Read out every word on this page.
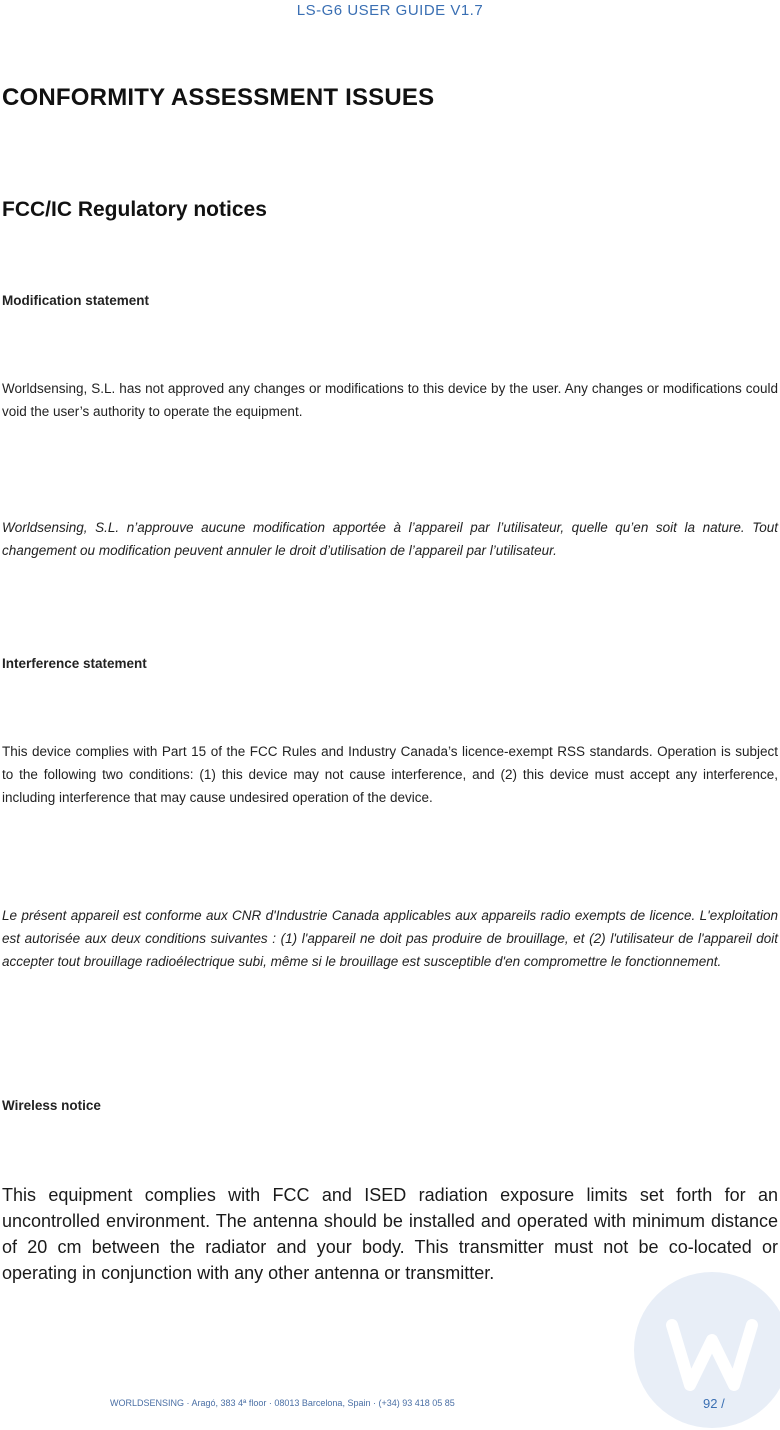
LS-G6 USER GUIDE V1.7
CONFORMITY ASSESSMENT ISSUES
FCC/IC Regulatory notices
Modification statement

Worldsensing, S.L. has not approved any changes or modifications to this device by the user. Any changes or modifications could void the user’s authority to operate the equipment.

Worldsensing, S.L. n’approuve aucune modification apportée à l’appareil par l’utilisateur, quelle qu’en soit la nature. Tout changement ou modification peuvent annuler le droit d’utilisation de l’appareil par l’utilisateur.

Interference statement

This device complies with Part 15 of the FCC Rules and Industry Canada’s licence-exempt RSS standards. Operation is subject to the following two conditions: (1) this device may not cause interference, and (2) this device must accept any interference, including interference that may cause undesired operation of the device.

Le présent appareil est conforme aux CNR d'Industrie Canada applicables aux appareils radio exempts de licence. L'exploitation est autorisée aux deux conditions suivantes : (1) l'appareil ne doit pas produire de brouillage, et (2) l'utilisateur de l'appareil doit accepter tout brouillage radioélectrique subi, même si le brouillage est susceptible d'en compromettre le fonctionnement.

Wireless notice

This equipment complies with FCC and ISED radiation exposure limits set forth for an uncontrolled environment. The antenna should be installed and operated with minimum distance of 20 cm between the radiator and your body. This transmitter must not be co-located or operating in conjunction with any other antenna or transmitter.

WORLDSENSING · Aragó, 383 4ª floor · 08013 Barcelona, Spain · (+34) 93 418 05 85	92 /
